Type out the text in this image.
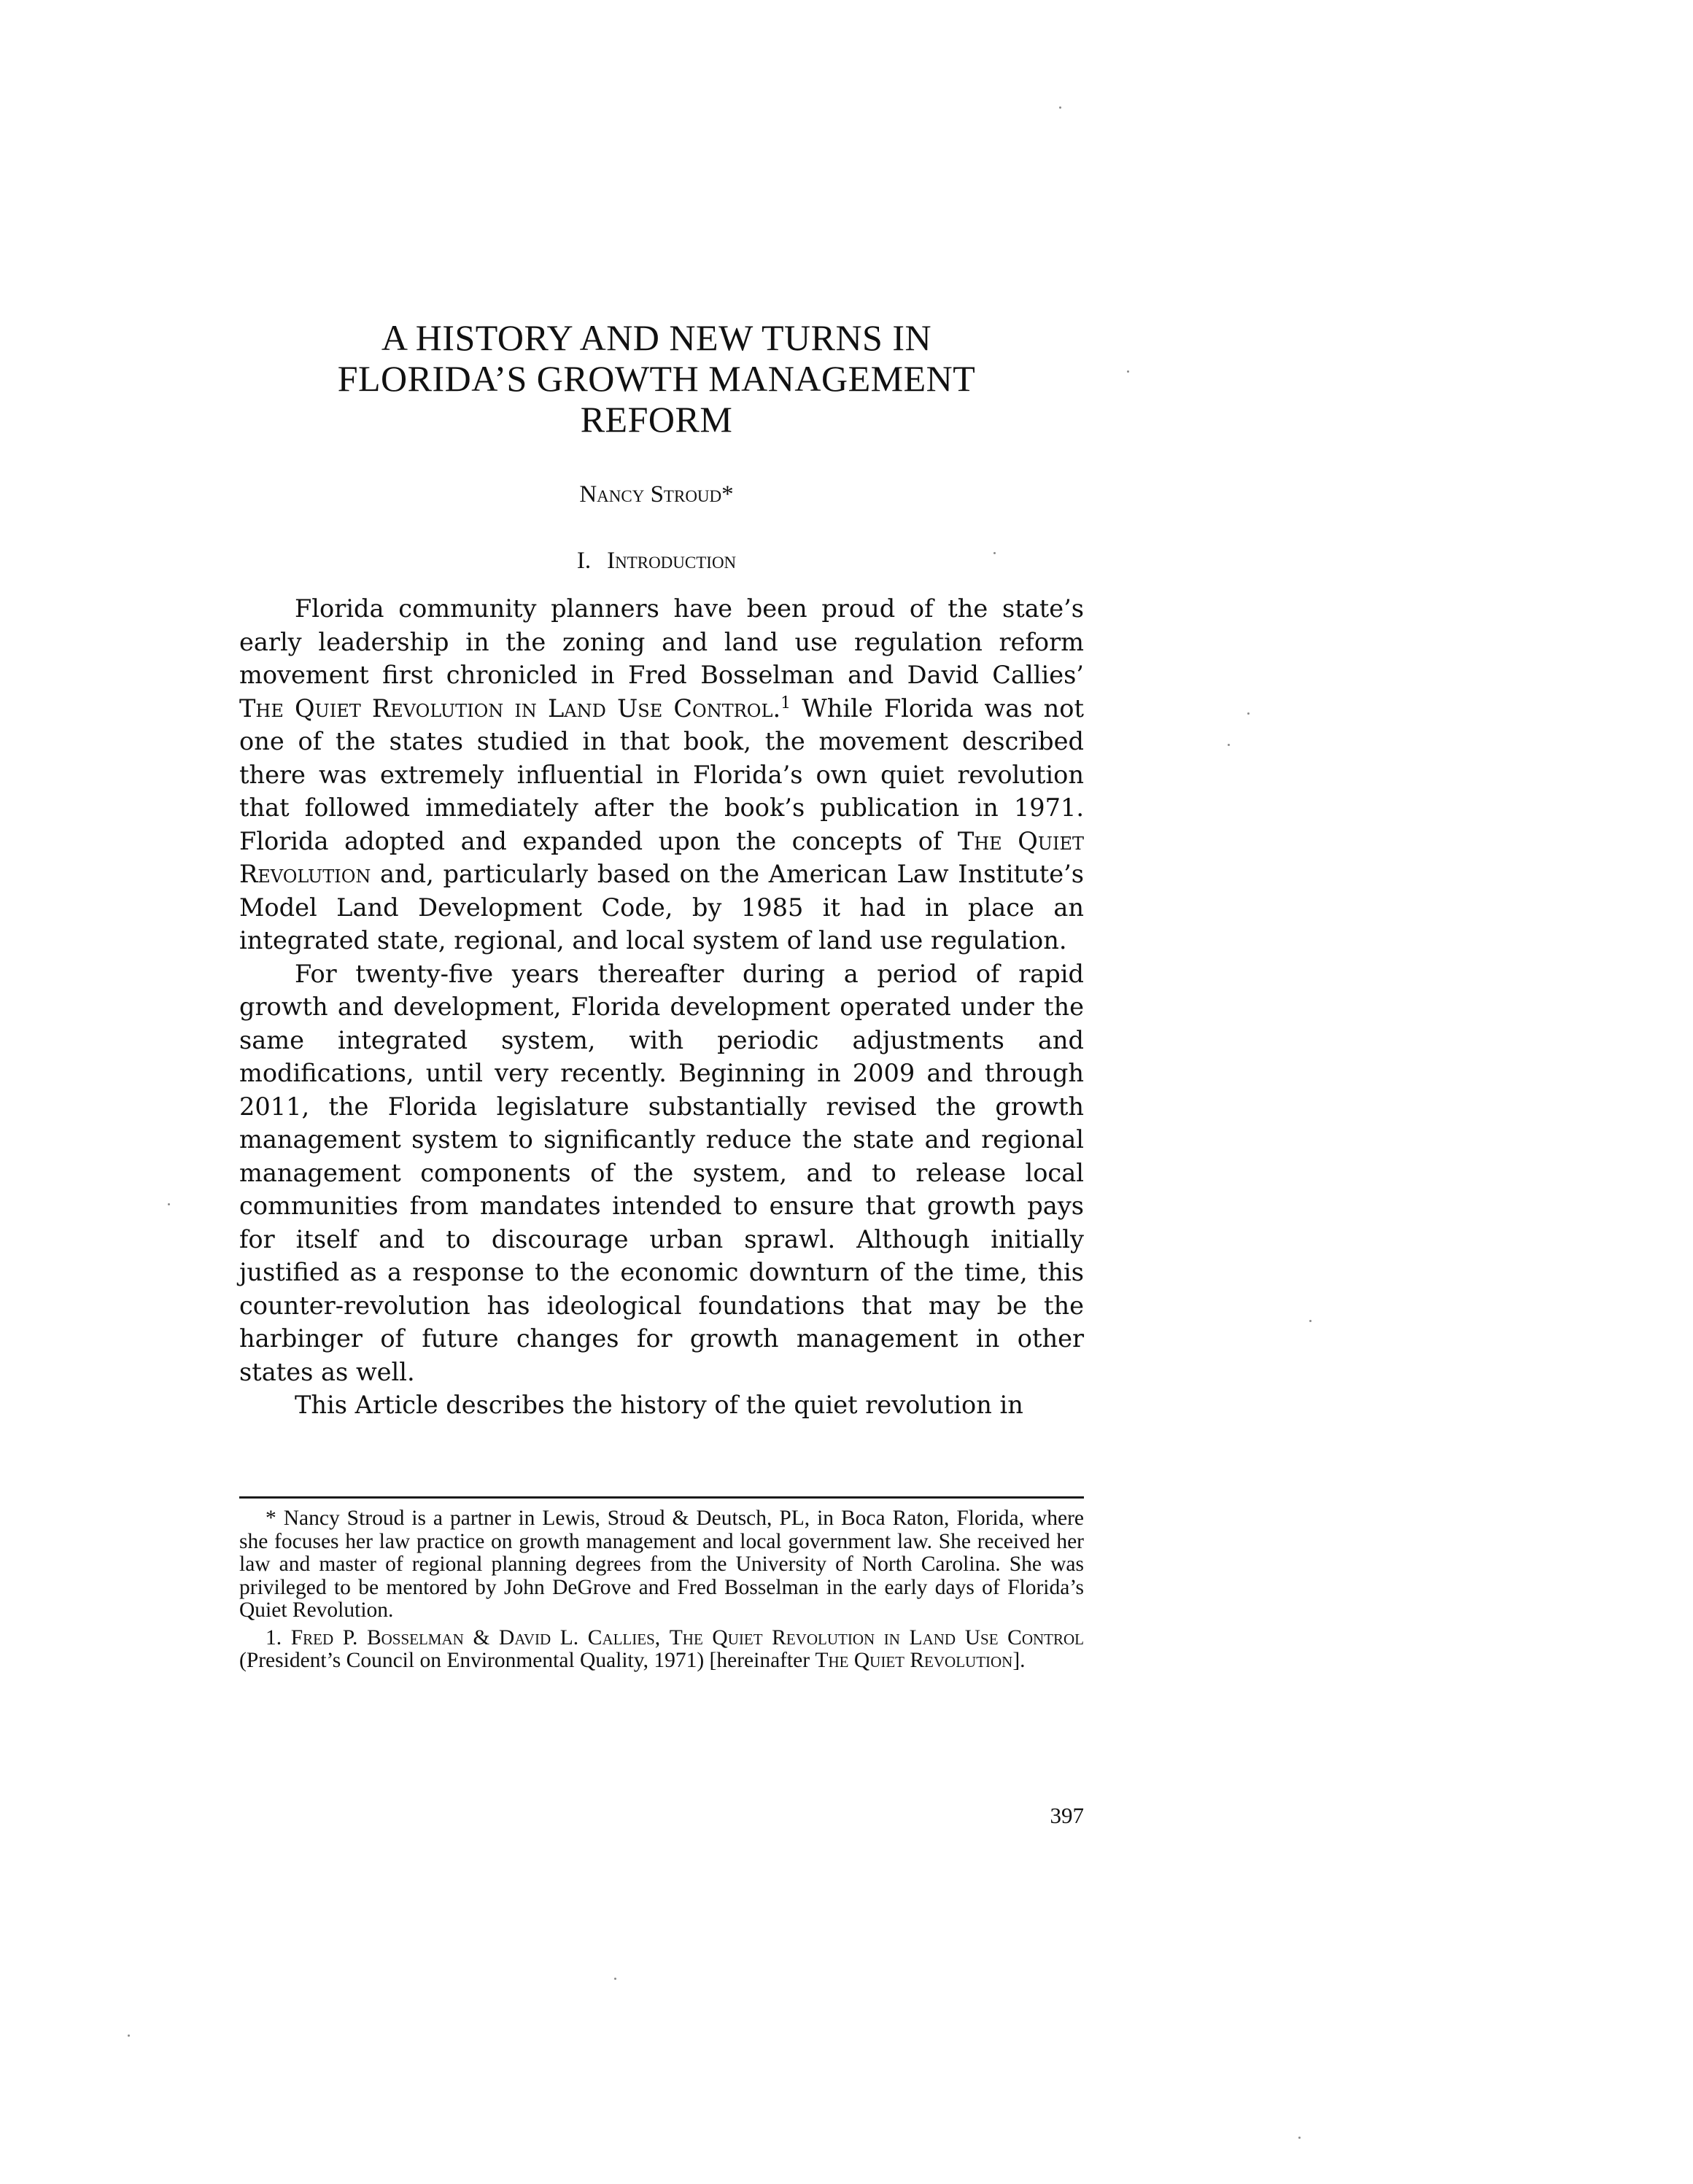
A HISTORY AND NEW TURNS IN
FLORIDA’S GROWTH MANAGEMENT
REFORM
Nancy Stroud*
I. Introduction

Florida community planners have been proud of the state’s early leadership in the zoning and land use regulation reform movement first chronicled in Fred Bosselman and David Callies’ The Quiet Revolution in Land Use Control.$^1$ While Florida was not one of the states studied in that book, the movement described there was extremely influential in Florida’s own quiet revolution that followed immediately after the book’s publication in 1971. Florida adopted and expanded upon the concepts of The Quiet Revolution and, particularly based on the American Law Institute’s Model Land Development Code, by 1985 it had in place an integrated state, regional, and local system of land use regulation.

For twenty-five years thereafter during a period of rapid growth and development, Florida development operated under the same integrated system, with periodic adjustments and modifications, until very recently. Beginning in 2009 and through 2011, the Florida legislature substantially revised the growth management system to significantly reduce the state and regional management components of the system, and to release local communities from mandates intended to ensure that growth pays for itself and to discourage urban sprawl. Although initially justified as a response to the economic downturn of the time, this counter-revolution has ideological foundations that may be the harbinger of future changes for growth management in other states as well.

This Article describes the history of the quiet revolution in

* Nancy Stroud is a partner in Lewis, Stroud & Deutsch, PL, in Boca Raton, Florida, where she focuses her law practice on growth management and local government law. She received her law and master of regional planning degrees from the University of North Carolina. She was privileged to be mentored by John DeGrove and Fred Bosselman in the early days of Florida’s Quiet Revolution.

1. Fred P. Bosselman & David L. Callies, The Quiet Revolution in Land Use Control (President’s Council on Environmental Quality, 1971) [hereinafter The Quiet Revolution].

397
